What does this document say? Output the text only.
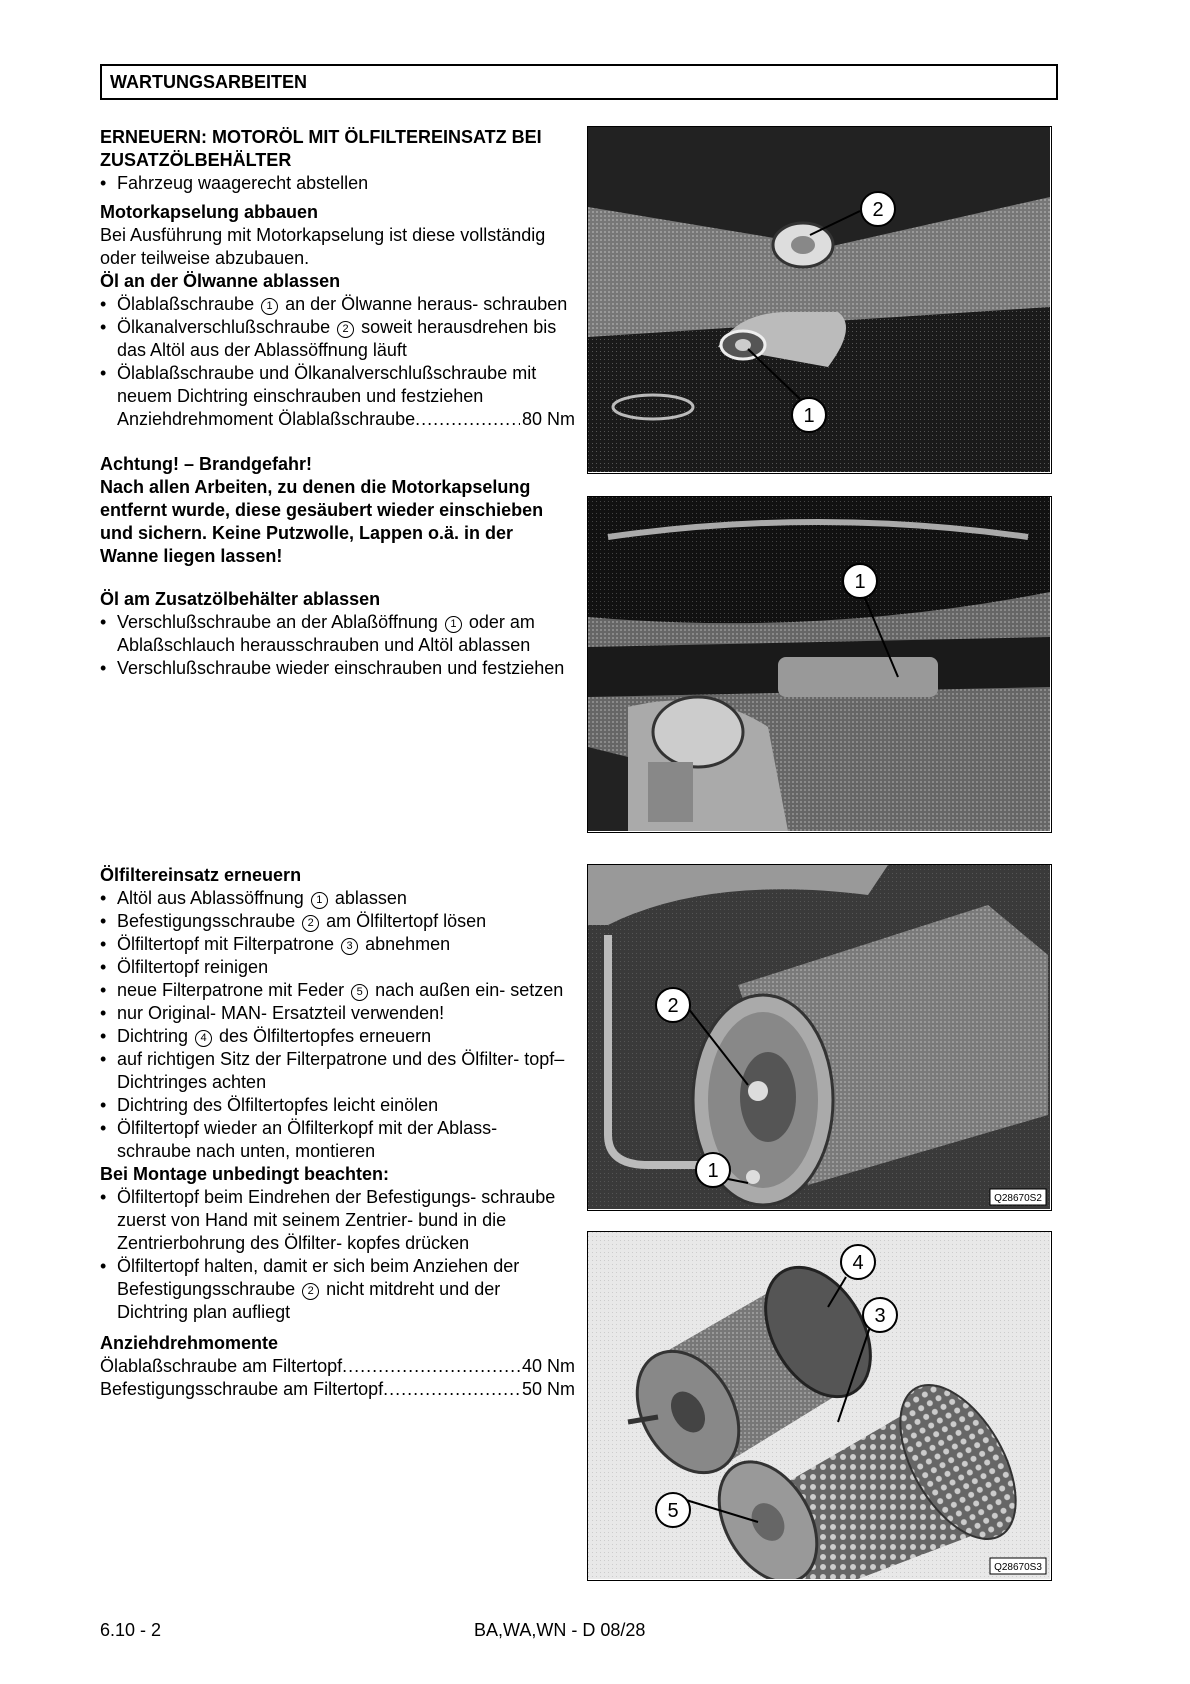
WARTUNGSARBEITEN

ERNEUERN: MOTORÖL MIT ÖLFILTEREINSATZ BEI ZUSATZÖLBEHÄLTER

• Fahrzeug waagerecht abstellen

Motorkapselung abbauen

Bei Ausführung mit Motorkapselung ist diese vollständig oder teilweise abzubauen.

Öl an der Ölwanne ablassen

• Ölablaßschraube 1 an der Ölwanne heraus- schrauben
• Ölkanalverschlußschraube 2 soweit herausdrehen bis das Altöl aus der Ablassöffnung läuft
• Ölablaßschraube und Ölkanalverschlußschraube mit neuem Dichtring einschrauben und festziehen
Anziehdrehmoment Ölablaßschraube .....	80 Nm

Achtung! – Brandgefahr!

Nach allen Arbeiten, zu denen die Motorkapselung entfernt wurde, diese gesäubert wieder einschieben und sichern. Keine Putzwolle, Lappen o.ä. in der Wanne liegen lassen!

Öl am Zusatzölbehälter ablassen

• Verschlußschraube an der Ablaßöffnung 1 oder am Ablaßschlauch herausschrauben und Altöl ablassen
• Verschlußschraube wieder einschrauben und festziehen

Ölfiltereinsatz erneuern

• Altöl aus Ablassöffnung 1 ablassen
• Befestigungsschraube 2 am Ölfiltertopf lösen
• Ölfiltertopf mit Filterpatrone 3 abnehmen
• Ölfiltertopf reinigen
• neue Filterpatrone mit Feder 5 nach außen ein- setzen
• nur Original- MAN- Ersatzteil verwenden!
• Dichtring 4 des Ölfiltertopfes erneuern
• auf richtigen Sitz der Filterpatrone und des Ölfilter- topf–Dichtringes achten
• Dichtring des Ölfiltertopfes leicht einölen
• Ölfiltertopf wieder an Ölfilterkopf mit der Ablass- schraube nach unten, montieren

Bei Montage unbedingt beachten:

• Ölfiltertopf beim Eindrehen der Befestigungs- schraube zuerst von Hand mit seinem Zentrier- bund in die Zentrierbohrung des Ölfilter- kopfes drücken
• Ölfiltertopf halten, damit er sich beim Anziehen der Befestigungsschraube 2 nicht mitdreht und der Dichtring plan aufliegt

Anziehdrehmomente

Ölablaßschraube am Filtertopf .....	40 Nm
Befestigungsschraube am Filtertopf .....	50 Nm
2
1
1
2
1
Q28670S2
4
3
5
Q28670S3
6.10 - 2	BA,WA,WN - D 08/28
